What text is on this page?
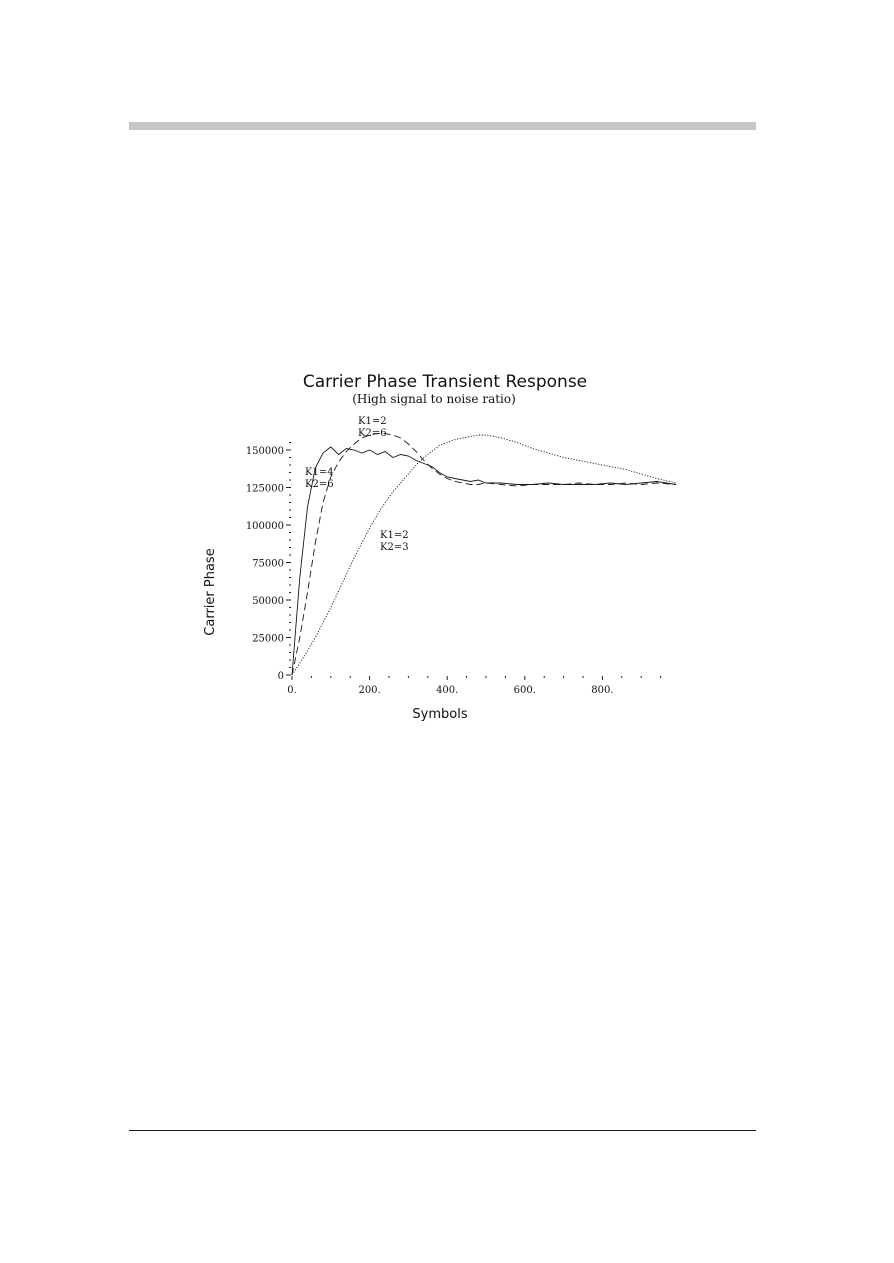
Carrier Phase Transient Response
(High signal to noise ratio)
Symbols
Carrier Phase
0
25000
50000
75000
100000
125000
150000
0.	200.	400.	600.	800.
K1=2
K2=6
K1=4
K2=6
K1=2
K2=3
